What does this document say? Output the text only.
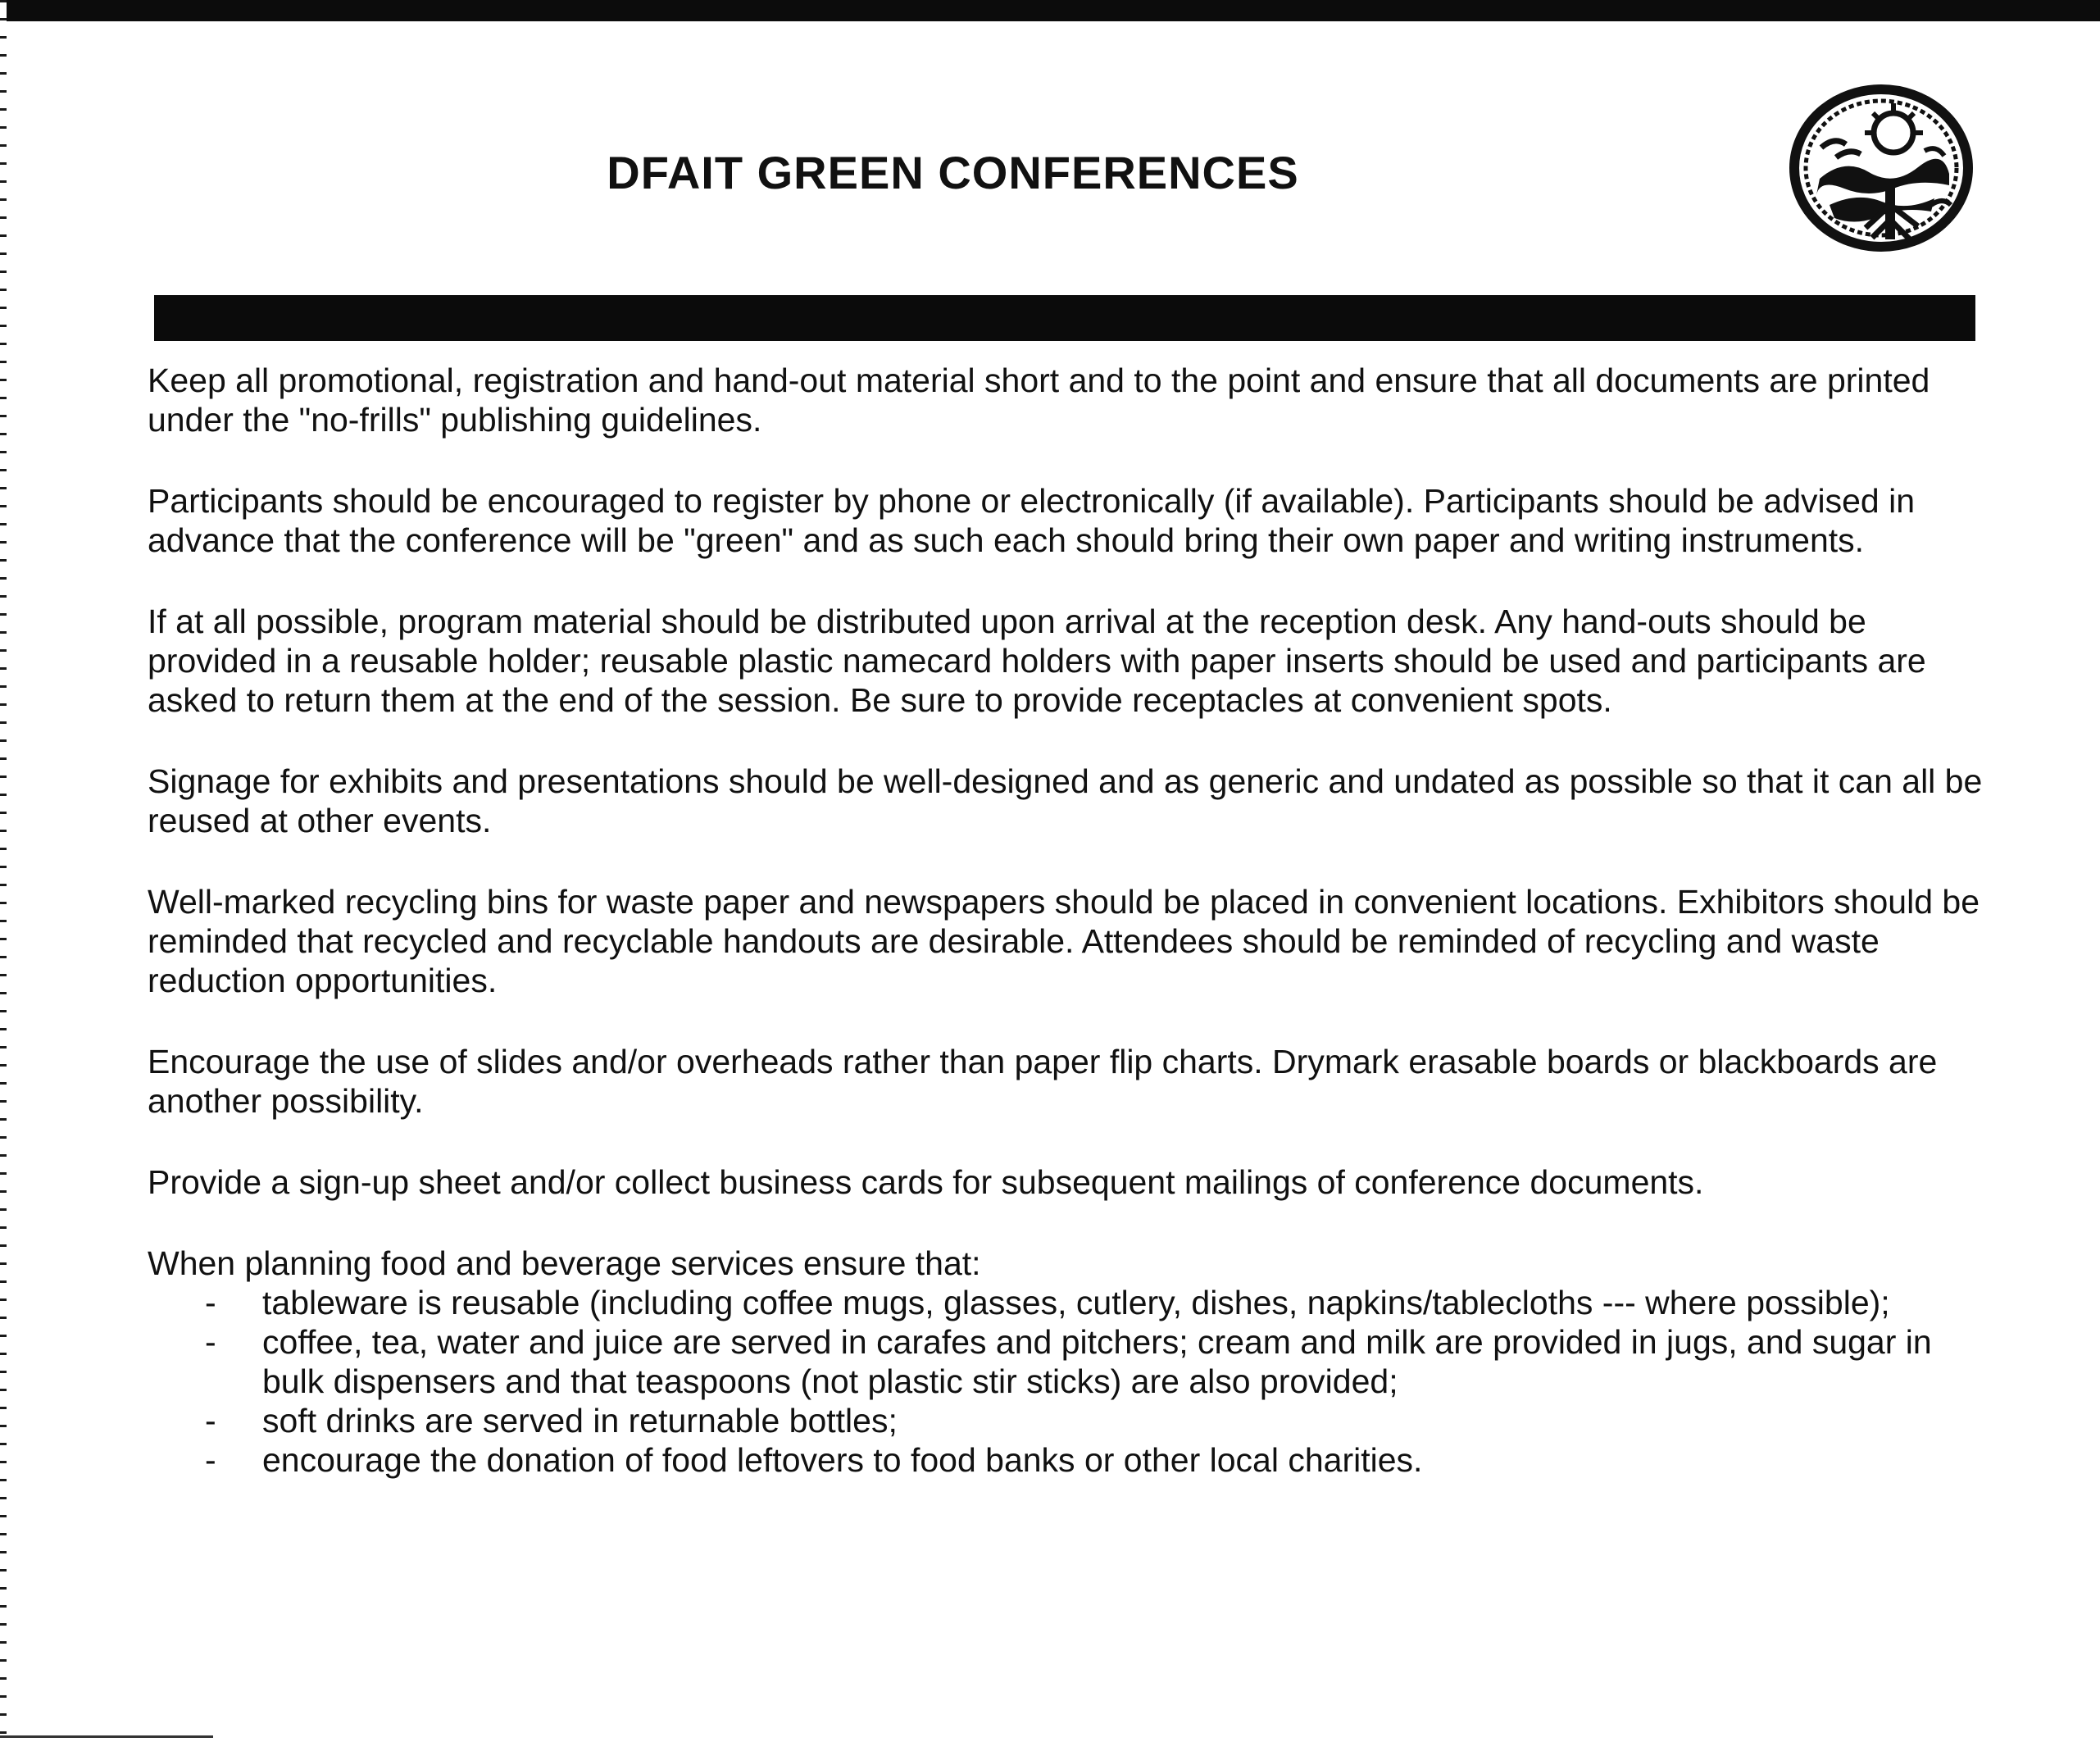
DFAIT GREEN CONFERENCES

Keep all promotional, registration and hand-out material short and to the point and ensure that all documents are printed under the "no-frills" publishing guidelines.

Participants should be encouraged to register by phone or electronically (if available). Participants should be advised in advance that the conference will be "green" and as such each should bring their own paper and writing instruments.

If at all possible, program material should be distributed upon arrival at the reception desk. Any hand-outs should be provided in a reusable holder; reusable plastic namecard holders with paper inserts should be used and participants are asked to return them at the end of the session. Be sure to provide receptacles at convenient spots.

Signage for exhibits and presentations should be well-designed and as generic and undated as possible so that it can all be reused at other events.

Well-marked recycling bins for waste paper and newspapers should be placed in convenient locations. Exhibitors should be reminded that recycled and recyclable handouts are desirable. Attendees should be reminded of recycling and waste reduction opportunities.

Encourage the use of slides and/or overheads rather than paper flip charts. Drymark erasable boards or blackboards are another possibility.

Provide a sign-up sheet and/or collect business cards for subsequent mailings of conference documents.

When planning food and beverage services ensure that:

- tableware is reusable (including coffee mugs, glasses, cutlery, dishes, napkins/tablecloths --- where possible);
- coffee, tea, water and juice are served in carafes and pitchers; cream and milk are provided in jugs, and sugar in bulk dispensers and that teaspoons (not plastic stir sticks) are also provided;
- soft drinks are served in returnable bottles;
- encourage the donation of food leftovers to food banks or other local charities.
